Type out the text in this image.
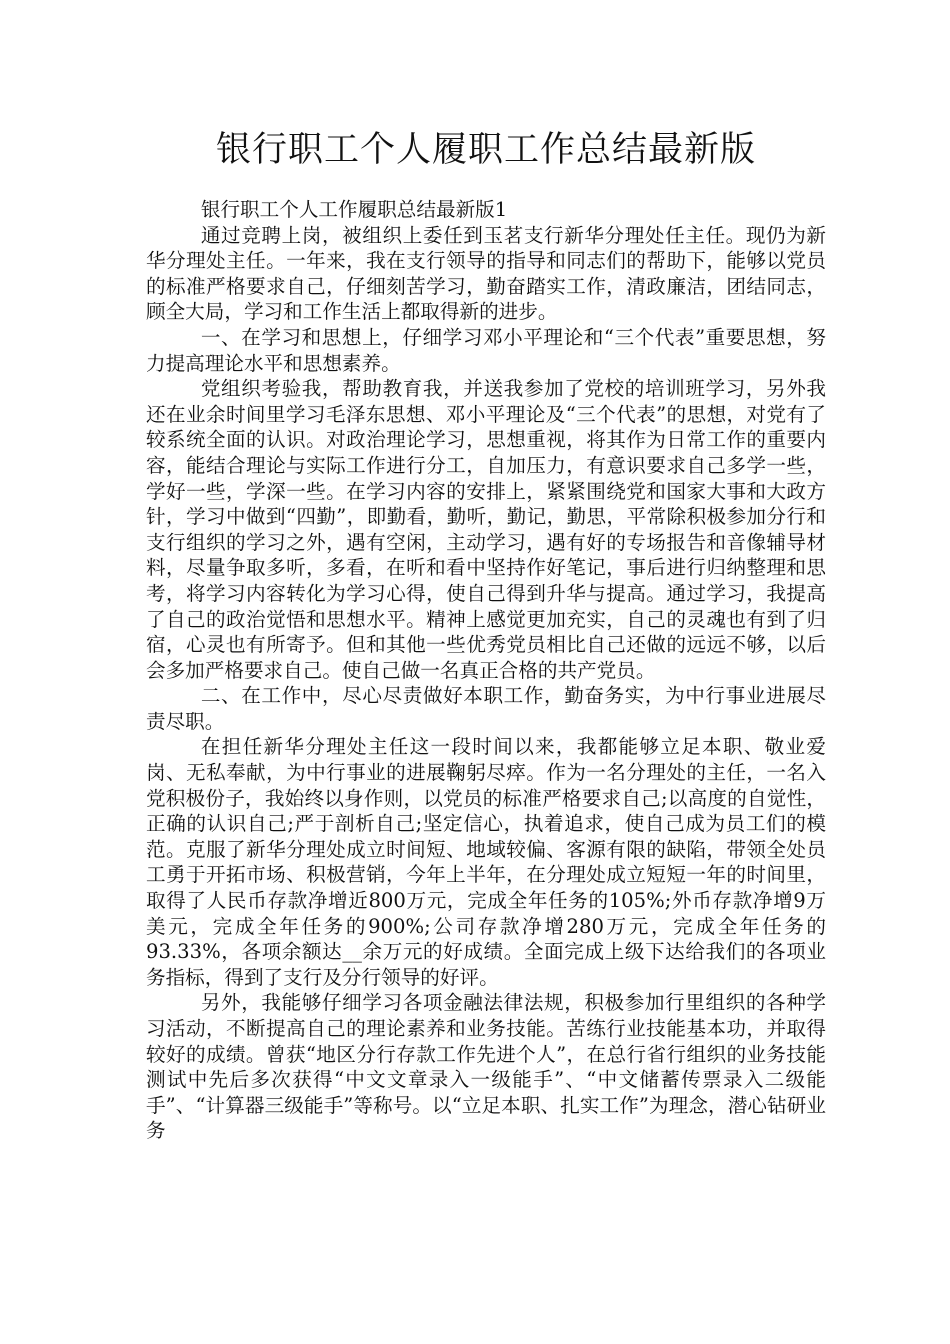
银行职工个人履职工作总结最新版

银行职工个人工作履职总结最新版1

通过竞聘上岗，被组织上委任到玉茗支行新华分理处任主任。现仍为新华分理处主任。一年来，我在支行领导的指导和同志们的帮助下，能够以党员的标准严格要求自己，仔细刻苦学习，勤奋踏实工作，清政廉洁，团结同志，顾全大局，学习和工作生活上都取得新的进步。

一、在学习和思想上，仔细学习邓小平理论和“三个代表”重要思想，努力提高理论水平和思想素养。

党组织考验我，帮助教育我，并送我参加了党校的培训班学习，另外我还在业余时间里学习毛泽东思想、邓小平理论及“三个代表”的思想，对党有了较系统全面的认识。对政治理论学习，思想重视，将其作为日常工作的重要内容，能结合理论与实际工作进行分工，自加压力，有意识要求自己多学一些，学好一些，学深一些。在学习内容的安排上，紧紧围绕党和国家大事和大政方针，学习中做到“四勤”，即勤看，勤听，勤记，勤思，平常除积极参加分行和支行组织的学习之外，遇有空闲，主动学习，遇有好的专场报告和音像辅导材料，尽量争取多听，多看，在听和看中坚持作好笔记，事后进行归纳整理和思考，将学习内容转化为学习心得，使自己得到升华与提高。通过学习，我提高了自己的政治觉悟和思想水平。精神上感觉更加充实，自己的灵魂也有到了归宿，心灵也有所寄予。但和其他一些优秀党员相比自己还做的远远不够，以后会多加严格要求自己。使自己做一名真正合格的共产党员。

二、在工作中，尽心尽责做好本职工作，勤奋务实，为中行事业进展尽责尽职。

在担任新华分理处主任这一段时间以来，我都能够立足本职、敬业爱岗、无私奉献，为中行事业的进展鞠躬尽瘁。作为一名分理处的主任，一名入党积极份子，我始终以身作则，以党员的标准严格要求自己;以高度的自觉性，正确的认识自己;严于剖析自己;坚定信心，执着追求，使自己成为员工们的模范。克服了新华分理处成立时间短、地域较偏、客源有限的缺陷，带领全处员工勇于开拓市场、积极营销，今年上半年，在分理处成立短短一年的时间里，取得了人民币存款净增近800万元，完成全年任务的105%;外币存款净增9万美元，完成全年任务的900%;公司存款净增280万元，完成全年任务的93.33%，各项余额达__余万元的好成绩。全面完成上级下达给我们的各项业务指标，得到了支行及分行领导的好评。

另外，我能够仔细学习各项金融法律法规，积极参加行里组织的各种学习活动，不断提高自己的理论素养和业务技能。苦练行业技能基本功，并取得较好的成绩。曾获“地区分行存款工作先进个人”，在总行省行组织的业务技能测试中先后多次获得“中文文章录入一级能手”、“中文储蓄传票录入二级能手”、“计算器三级能手”等称号。以“立足本职、扎实工作”为理念，潜心钻研业务
